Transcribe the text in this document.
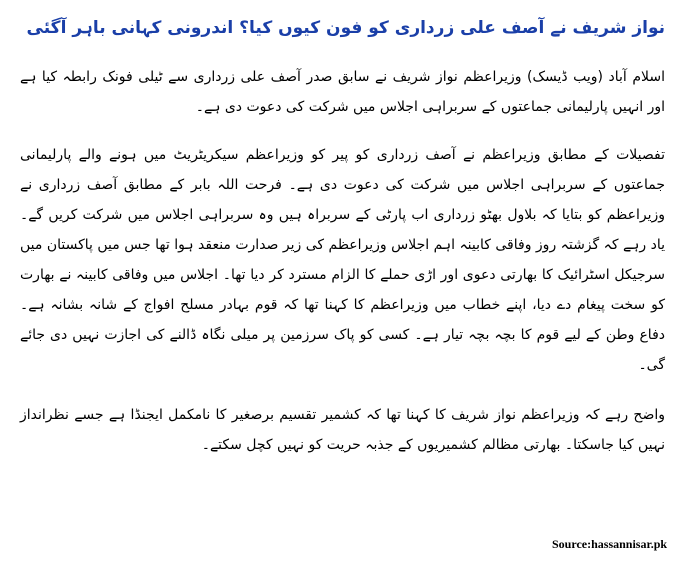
نواز شریف نے آصف علی زرداری کو فون کیوں کیا؟ اندرونی کہانی باہر آگئی

اسلام آباد (ویب ڈیسک) وزیراعظم نواز شریف نے سابق صدر آصف علی زرداری سے ٹیلی فونک رابطہ کیا ہے اور انہیں پارلیمانی جماعتوں کے سربراہی اجلاس میں شرکت کی دعوت دی ہے۔

تفصیلات کے مطابق وزیراعظم نے آصف زرداری کو پیر کو وزیراعظم سیکریٹریٹ میں ہونے والے پارلیمانی جماعتوں کے سربراہی اجلاس میں شرکت کی دعوت دی ہے۔ فرحت اللہ بابر کے مطابق آصف زرداری نے وزیراعظم کو بتایا کہ بلاول بھٹو زرداری اب پارٹی کے سربراہ ہیں وہ سربراہی اجلاس میں شرکت کریں گے۔ یاد رہے کہ گزشتہ روز وفاقی کابینہ اہم اجلاس وزیراعظم کی زیر صدارت منعقد ہوا تھا جس میں پاکستان میں سرجیکل اسٹرائیک کا بھارتی دعوی اور اڑی حملے کا الزام مسترد کر دیا تھا۔ اجلاس میں وفاقی کابینہ نے بھارت کو سخت پیغام دے دیا، اپنے خطاب میں وزیراعظم کا کہنا تھا کہ قوم بہادر مسلح افواج کے شانہ بشانہ ہے۔ دفاع وطن کے لیے قوم کا بچہ بچہ تیار ہے۔ کسی کو پاک سرزمین پر میلی نگاہ ڈالنے کی اجازت نہیں دی جائے گی۔

واضح رہے کہ وزیراعظم نواز شریف کا کہنا تھا کہ کشمیر تقسیم برصغیر کا نامکمل ایجنڈا ہے جسے نظرانداز نہیں کیا جاسکتا۔ بھارتی مظالم کشمیریوں کے جذبہ حریت کو نہیں کچل سکتے۔

Source:hassannisar.pk
